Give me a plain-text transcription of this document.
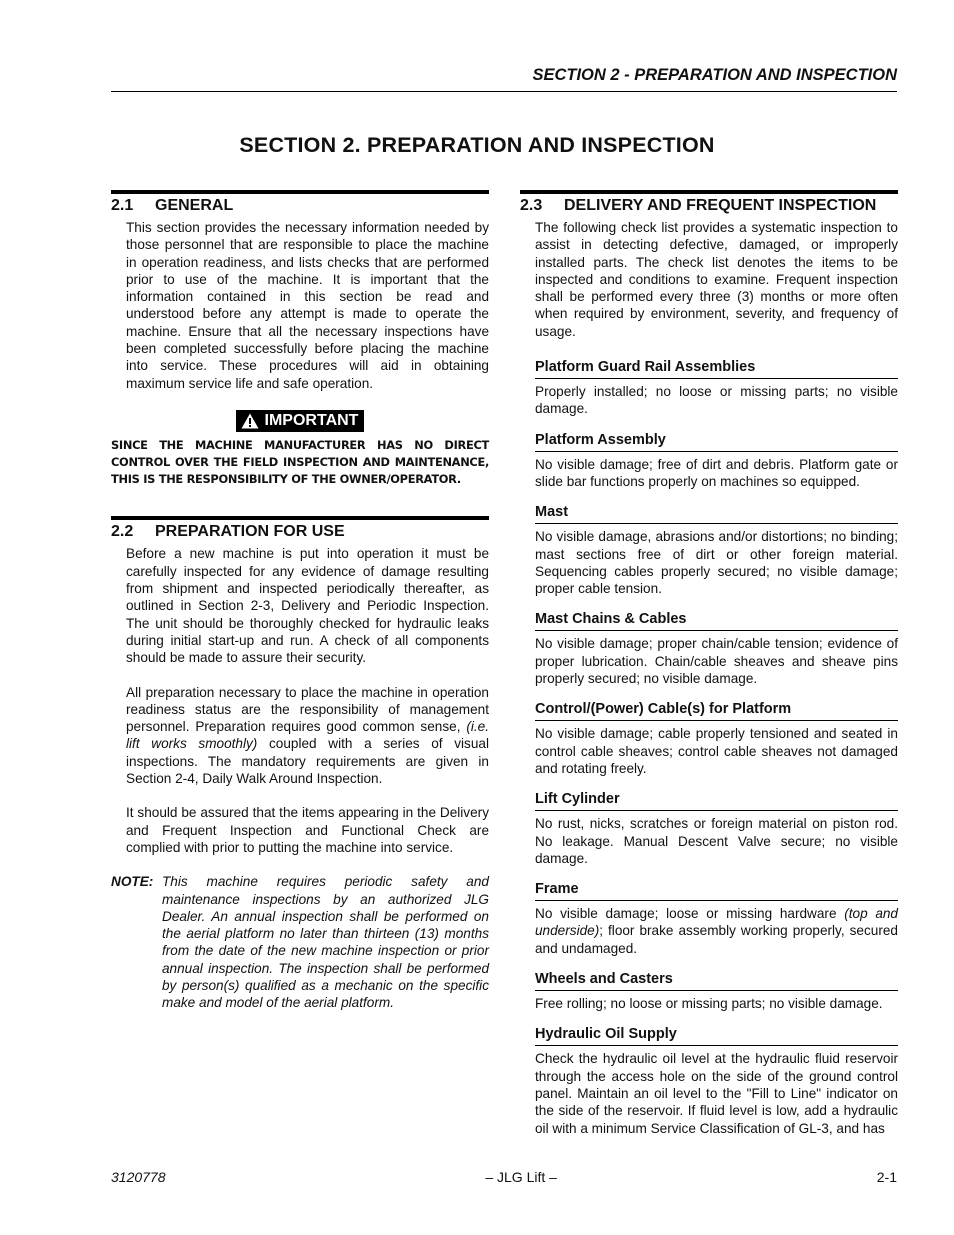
SECTION 2 - PREPARATION AND INSPECTION
SECTION 2. PREPARATION AND INSPECTION
2.1	GENERAL

This section provides the necessary information needed by those personnel that are responsible to place the machine in operation readiness, and lists checks that are performed prior to use of the machine. It is important that the information contained in this section be read and understood before any attempt is made to operate the machine. Ensure that all the necessary inspections have been completed successfully before placing the machine into service. These procedures will aid in obtaining maximum service life and safe operation.

IMPORTANT

SINCE THE MACHINE MANUFACTURER HAS NO DIRECT CONTROL OVER THE FIELD INSPECTION AND MAINTENANCE, THIS IS THE RESPONSIBILITY OF THE OWNER/OPERATOR.

2.2	PREPARATION FOR USE

Before a new machine is put into operation it must be carefully inspected for any evidence of damage resulting from shipment and inspected periodically thereafter, as outlined in Section 2-3, Delivery and Periodic Inspection. The unit should be thoroughly checked for hydraulic leaks during initial start-up and run. A check of all components should be made to assure their security.

All preparation necessary to place the machine in operation readiness status are the responsibility of management personnel. Preparation requires good common sense, (i.e. lift works smoothly) coupled with a series of visual inspections. The mandatory requirements are given in Section 2-4, Daily Walk Around Inspection.

It should be assured that the items appearing in the Delivery and Frequent Inspection and Functional Check are complied with prior to putting the machine into service.

NOTE: This machine requires periodic safety and maintenance inspections by an authorized JLG Dealer. An annual inspection shall be performed on the aerial platform no later than thirteen (13) months from the date of the new machine inspection or prior annual inspection. The inspection shall be performed by person(s) qualified as a mechanic on the specific make and model of the aerial platform.
2.3	DELIVERY AND FREQUENT INSPECTION

The following check list provides a systematic inspection to assist in detecting defective, damaged, or improperly installed parts. The check list denotes the items to be inspected and conditions to examine. Frequent inspection shall be performed every three (3) months or more often when required by environment, severity, and frequency of usage.

Platform Guard Rail Assemblies

Properly installed; no loose or missing parts; no visible damage.

Platform Assembly

No visible damage; free of dirt and debris. Platform gate or slide bar functions properly on machines so equipped.

Mast

No visible damage, abrasions and/or distortions; no binding; mast sections free of dirt or other foreign material. Sequencing cables properly secured; no visible damage; proper cable tension.

Mast Chains & Cables

No visible damage; proper chain/cable tension; evidence of proper lubrication. Chain/cable sheaves and sheave pins properly secured; no visible damage.

Control/(Power) Cable(s) for Platform

No visible damage; cable properly tensioned and seated in control cable sheaves; control cable sheaves not damaged and rotating freely.

Lift Cylinder

No rust, nicks, scratches or foreign material on piston rod. No leakage. Manual Descent Valve secure; no visible damage.

Frame

No visible damage; loose or missing hardware (top and underside); floor brake assembly working properly, secured and undamaged.

Wheels and Casters

Free rolling; no loose or missing parts; no visible damage.

Hydraulic Oil Supply

Check the hydraulic oil level at the hydraulic fluid reservoir through the access hole on the side of the ground control panel. Maintain an oil level to the "Fill to Line" indicator on the side of the reservoir. If fluid level is low, add a hydraulic oil with a minimum Service Classification of GL-3, and has

3120778	– JLG Lift –	2-1
